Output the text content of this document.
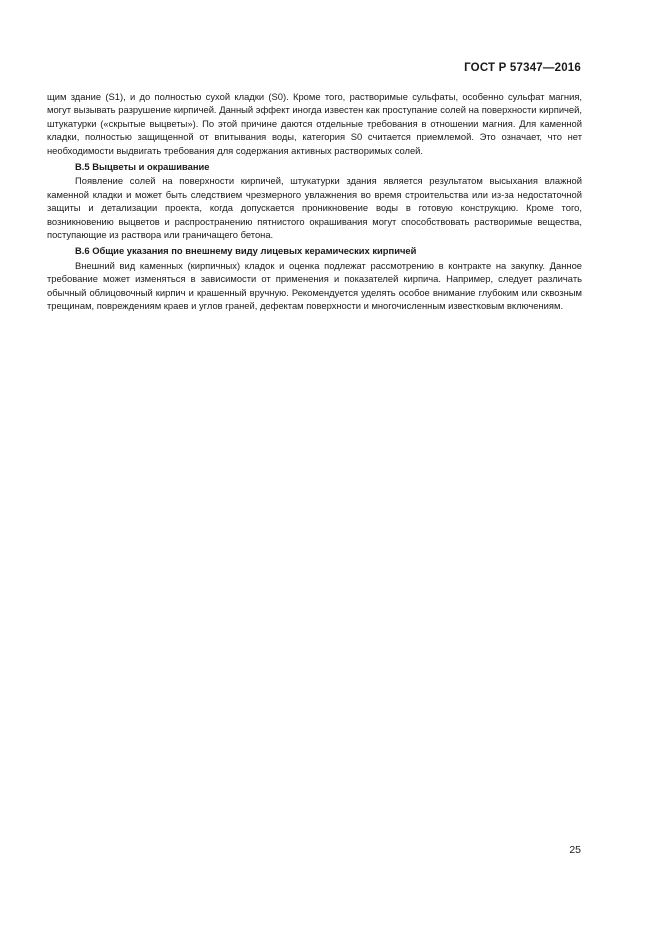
ГОСТ Р 57347—2016

щим здание (S1), и до полностью сухой кладки (S0). Кроме того, растворимые сульфаты, особенно сульфат магния, могут вызывать разрушение кирпичей. Данный эффект иногда известен как проступание солей на поверхности кирпичей, штукатурки («скрытые выцветы»). По этой причине даются отдельные требования в отношении магния. Для каменной кладки, полностью защищенной от впитывания воды, категория S0 считается приемлемой. Это означает, что нет необходимости выдвигать требования для содержания активных растворимых солей.

В.5 Выцветы и окрашивание

Появление солей на поверхности кирпичей, штукатурки здания является результатом высыхания влажной каменной кладки и может быть следствием чрезмерного увлажнения во время строительства или из-за недостаточной защиты и детализации проекта, когда допускается проникновение воды в готовую конструкцию. Кроме того, возникновению выцветов и распространению пятнистого окрашивания могут способствовать растворимые вещества, поступающие из раствора или граничащего бетона.

В.6 Общие указания по внешнему виду лицевых керамических кирпичей

Внешний вид каменных (кирпичных) кладок и оценка подлежат рассмотрению в контракте на закупку. Данное требование может изменяться в зависимости от применения и показателей кирпича. Например, следует различать обычный облицовочный кирпич и крашенный вручную. Рекомендуется уделять особое внимание глубоким или сквозным трещинам, повреждениям краев и углов граней, дефектам поверхности и многочисленным известковым включениям.

25
